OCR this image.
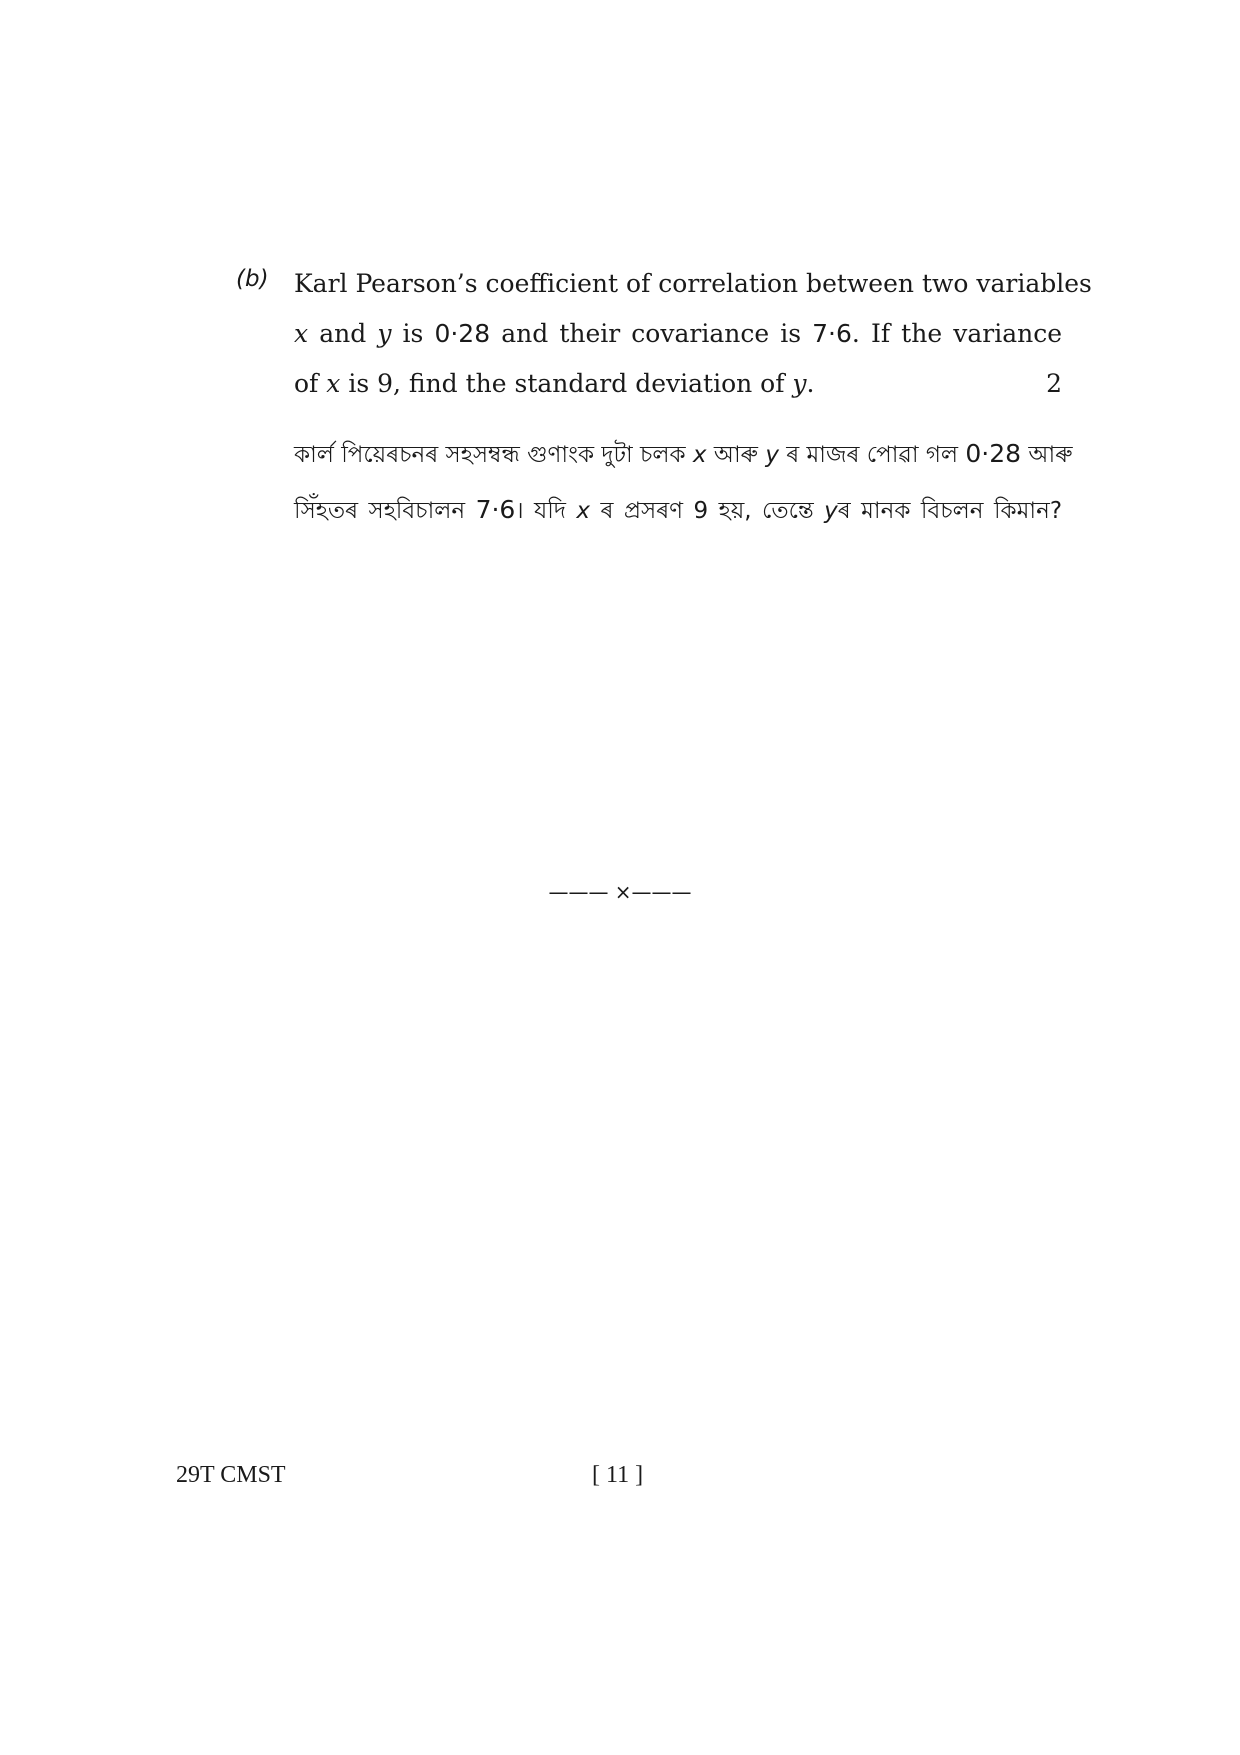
(b) Karl Pearson’s coefficient of correlation between two variables
x and y is 0·28 and their covariance is 7·6. If the variance
of x is 9, find the standard deviation of y.	2
কাৰ্ল পিয়েৰচনৰ সহসম্বন্ধ গুণাংক দুটা চলক x আৰু y ৰ মাজৰ পোৱা গল 0·28 আৰু
সিঁহতৰ সহবিচালন 7·6। যদি x ৰ প্ৰসৰণ 9 হয়, তেন্তে yৰ মানক বিচলন কিমান?
——— ×———
29T CMST	[ 11 ]
